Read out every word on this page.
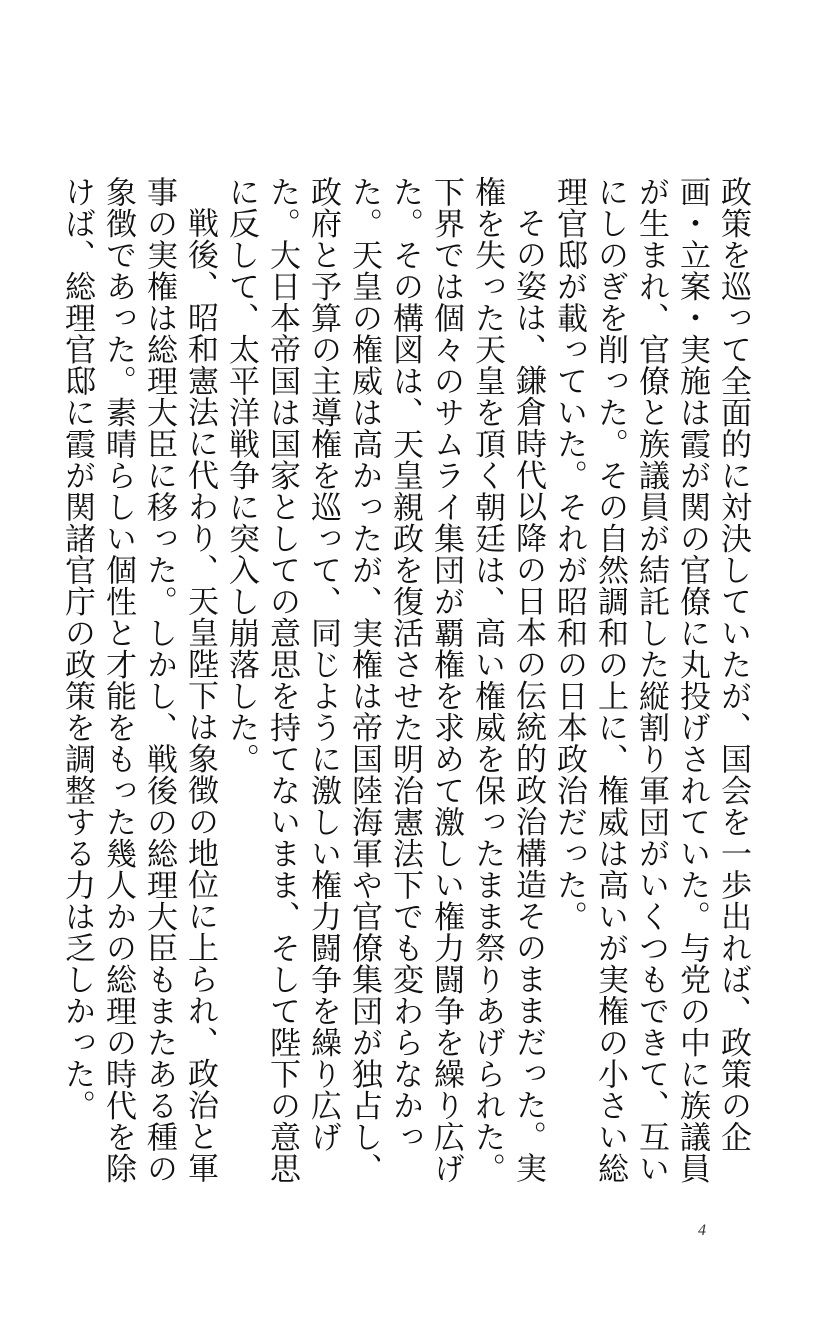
政策を巡って全面的に対決していたが、国会を一歩出れば、政策の企画・立案・実施は霞が関の官僚に丸投げされていた。与党の中に族議員が生まれ、官僚と族議員が結託した縦割り軍団がいくつもできて、互いにしのぎを削った。その自然調和の上に、権威は高いが実権の小さい総理官邸が載っていた。それが昭和の日本政治だった。

その姿は、鎌倉時代以降の日本の伝統的政治構造そのままだった。実権を失った天皇を頂く朝廷は、高い権威を保ったまま祭りあげられた。下界では個々のサムライ集団が覇権を求めて激しい権力闘争を繰り広げた。その構図は、天皇親政を復活させた明治憲法下でも変わらなかった。天皇の権威は高かったが、実権は帝国陸海軍や官僚集団が独占し、政府と予算の主導権を巡って、同じように激しい権力闘争を繰り広げた。大日本帝国は国家としての意思を持てないまま、そして陛下の意思に反して、太平洋戦争に突入し崩落した。

戦後、昭和憲法に代わり、天皇陛下は象徴の地位に上られ、政治と軍事の実権は総理大臣に移った。しかし、戦後の総理大臣もまたある種の象徴であった。素晴らしい個性と才能をもった幾人かの総理の時代を除けば、総理官邸に霞が関諸官庁の政策を調整する力は乏しかった。

4
